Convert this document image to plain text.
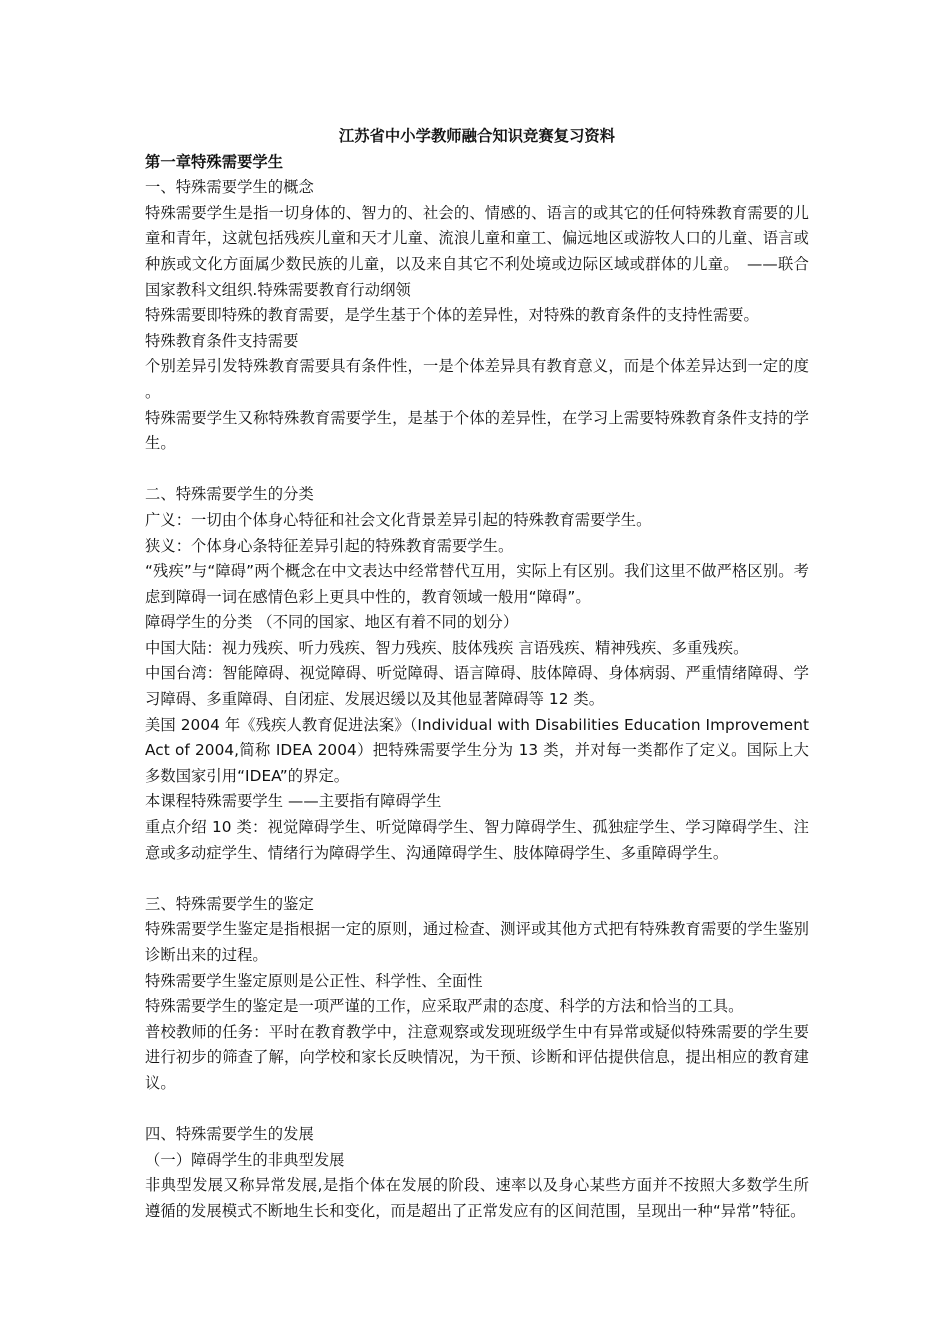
江苏省中小学教师融合知识竞赛复习资料

第一章特殊需要学生

一、特殊需要学生的概念

特殊需要学生是指一切身体的、智力的、社会的、情感的、语言的或其它的任何特殊教育需要的儿童和青年，这就包括残疾儿童和天才儿童、流浪儿童和童工、偏远地区或游牧人口的儿童、语言或种族或文化方面属少数民族的儿童，以及来自其它不利处境或边际区域或群体的儿童。　——联合国家教科文组织.特殊需要教育行动纲领

特殊需要即特殊的教育需要，是学生基于个体的差异性，对特殊的教育条件的支持性需要。

特殊教育条件支持需要

个别差异引发特殊教育需要具有条件性，一是个体差异具有教育意义，而是个体差异达到一定的度 。

特殊需要学生又称特殊教育需要学生，是基于个体的差异性，在学习上需要特殊教育条件支持的学生。

二、特殊需要学生的分类

广义：一切由个体身心特征和社会文化背景差异引起的特殊教育需要学生。

狭义：个体身心条特征差异引起的特殊教育需要学生。

“残疾”与“障碍”两个概念在中文表达中经常替代互用，实际上有区别。我们这里不做严格区别。考虑到障碍一词在感情色彩上更具中性的，教育领域一般用“障碍”。

障碍学生的分类 （不同的国家、地区有着不同的划分）

中国大陆：视力残疾、听力残疾、智力残疾、肢体残疾 言语残疾、精神残疾、多重残疾。

中国台湾：智能障碍、视觉障碍、听觉障碍、语言障碍、肢体障碍、身体病弱、严重情绪障碍、学习障碍、多重障碍、自闭症、发展迟缓以及其他显著障碍等 12 类。

美国 2004 年《残疾人教育促进法案》（Individual with Disabilities Education Improvement Act of 2004,简称 IDEA 2004）把特殊需要学生分为 13 类，并对每一类都作了定义。国际上大多数国家引用“IDEA”的界定。

本课程特殊需要学生 ——主要指有障碍学生

重点介绍 10 类：视觉障碍学生、听觉障碍学生、智力障碍学生、孤独症学生、学习障碍学生、注意或多动症学生、情绪行为障碍学生、沟通障碍学生、肢体障碍学生、多重障碍学生。

三、特殊需要学生的鉴定

特殊需要学生鉴定是指根据一定的原则，通过检查、测评或其他方式把有特殊教育需要的学生鉴别诊断出来的过程。

特殊需要学生鉴定原则是公正性、科学性、全面性

特殊需要学生的鉴定是一项严谨的工作，应采取严肃的态度、科学的方法和恰当的工具。

普校教师的任务：平时在教育教学中，注意观察或发现班级学生中有异常或疑似特殊需要的学生要进行初步的筛查了解，向学校和家长反映情况，为干预、诊断和评估提供信息，提出相应的教育建议。

四、特殊需要学生的发展

（一）障碍学生的非典型发展

非典型发展又称异常发展,是指个体在发展的阶段、速率以及身心某些方面并不按照大多数学生所遵循的发展模式不断地生长和变化，而是超出了正常发应有的区间范围，呈现出一种“异常”特征。
